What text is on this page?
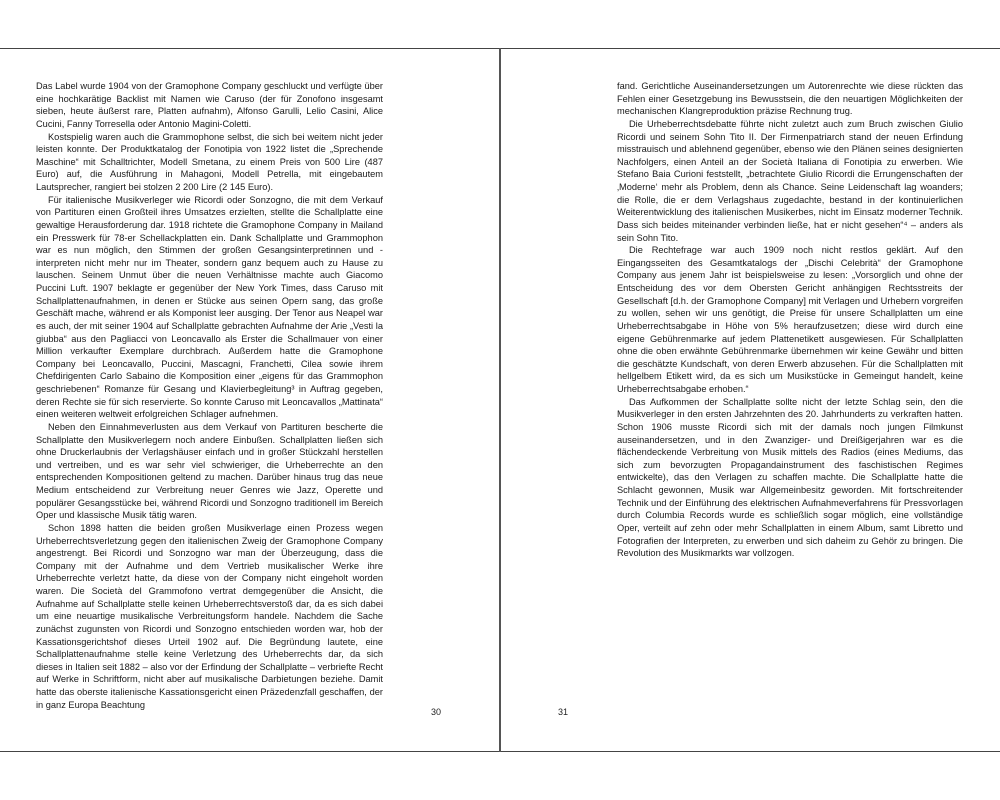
Das Label wurde 1904 von der Gramophone Company geschluckt und verfügte über eine hochkarätige Backlist mit Namen wie Caruso (der für Zonofono insgesamt sieben, heute äußerst rare, Platten aufnahm), Alfonso Garulli, Lelio Casini, Alice Cucini, Fanny Torresella oder Antonio Magini-Coletti.

Kostspielig waren auch die Grammophone selbst, die sich bei weitem nicht jeder leisten konnte. Der Produktkatalog der Fonotipia von 1922 listet die „Sprechende Maschine“ mit Schalltrichter, Modell Smetana, zu einem Preis von 500 Lire (487 Euro) auf, die Ausführung in Mahagoni, Modell Petrella, mit eingebautem Lautsprecher, rangiert bei stolzen 2 200 Lire (2 145 Euro).

Für italienische Musikverleger wie Ricordi oder Sonzogno, die mit dem Verkauf von Partituren einen Großteil ihres Umsatzes erzielten, stellte die Schallplatte eine gewaltige Herausforderung dar. 1918 richtete die Gramophone Company in Mailand ein Presswerk für 78-er Schellackplatten ein. Dank Schallplatte und Grammophon war es nun möglich, den Stimmen der großen Gesangsinterpretinnen und -interpreten nicht mehr nur im Theater, sondern ganz bequem auch zu Hause zu lauschen. Seinem Unmut über die neuen Verhältnisse machte auch Giacomo Puccini Luft. 1907 beklagte er gegenüber der New York Times, dass Caruso mit Schallplattenaufnahmen, in denen er Stücke aus seinen Opern sang, das große Geschäft mache, während er als Komponist leer ausging. Der Tenor aus Neapel war es auch, der mit seiner 1904 auf Schallplatte gebrachten Aufnahme der Arie „Vesti la giubba“ aus den Pagliacci von Leoncavallo als Erster die Schallmauer von einer Million verkaufter Exemplare durchbrach. Außerdem hatte die Gramophone Company bei Leoncavallo, Puccini, Mascagni, Franchetti, Cilea sowie ihrem Chefdirigenten Carlo Sabaino die Komposition einer „eigens für das Grammophon geschriebenen“ Romanze für Gesang und Klavierbegleitung³ in Auftrag gegeben, deren Rechte sie für sich reservierte. So konnte Caruso mit Leoncavallos „Mattinata“ einen weiteren weltweit erfolgreichen Schlager aufnehmen.

Neben den Einnahmeverlusten aus dem Verkauf von Partituren bescherte die Schallplatte den Musikverlegern noch andere Einbußen. Schallplatten ließen sich ohne Druckerlaubnis der Verlagshäuser einfach und in großer Stückzahl herstellen und vertreiben, und es war sehr viel schwieriger, die Urheberrechte an den entsprechenden Kompositionen geltend zu machen. Darüber hinaus trug das neue Medium entscheidend zur Verbreitung neuer Genres wie Jazz, Operette und populärer Gesangsstücke bei, während Ricordi und Sonzogno traditionell im Bereich Oper und klassische Musik tätig waren.

Schon 1898 hatten die beiden großen Musikverlage einen Prozess wegen Urheberrechtsverletzung gegen den italienischen Zweig der Gramophone Company angestrengt. Bei Ricordi und Sonzogno war man der Überzeugung, dass die Company mit der Aufnahme und dem Vertrieb musikalischer Werke ihre Urheberrechte verletzt hatte, da diese von der Company nicht eingeholt worden waren. Die Società del Grammofono vertrat demgegenüber die Ansicht, die Aufnahme auf Schallplatte stelle keinen Urheberrechtsverstoß dar, da es sich dabei um eine neuartige musikalische Verbreitungsform handele. Nachdem die Sache zunächst zugunsten von Ricordi und Sonzogno entschieden worden war, hob der Kassationsgerichtshof dieses Urteil 1902 auf. Die Begründung lautete, eine Schallplattenaufnahme stelle keine Verletzung des Urheberrechts dar, da sich dieses in Italien seit 1882 – also vor der Erfindung der Schallplatte – verbriefte Recht auf Werke in Schriftform, nicht aber auf musikalische Darbietungen beziehe. Damit hatte das oberste italienische Kassationsgericht einen Präzedenzfall geschaffen, der in ganz Europa Beachtung

30

fand. Gerichtliche Auseinandersetzungen um Autorenrechte wie diese rückten das Fehlen einer Gesetzgebung ins Bewusstsein, die den neuartigen Möglichkeiten der mechanischen Klangreproduktion präzise Rechnung trug.

Die Urheberrechtsdebatte führte nicht zuletzt auch zum Bruch zwischen Giulio Ricordi und seinem Sohn Tito II. Der Firmenpatriarch stand der neuen Erfindung misstrauisch und ablehnend gegenüber, ebenso wie den Plänen seines designierten Nachfolgers, einen Anteil an der Società Italiana di Fonotipia zu erwerben. Wie Stefano Baia Curioni feststellt, „betrachtete Giulio Ricordi die Errungenschaften der ‚Moderne‘ mehr als Problem, denn als Chance. Seine Leidenschaft lag woanders; die Rolle, die er dem Verlagshaus zugedachte, bestand in der kontinuierlichen Weiterentwicklung des italienischen Musikerbes, nicht im Einsatz moderner Technik. Dass sich beides miteinander verbinden ließe, hat er nicht gesehen“⁴ – anders als sein Sohn Tito.

Die Rechtefrage war auch 1909 noch nicht restlos geklärt. Auf den Eingangsseiten des Gesamtkatalogs der „Dischi Celebrità“ der Gramophone Company aus jenem Jahr ist beispielsweise zu lesen: „Vorsorglich und ohne der Entscheidung des vor dem Obersten Gericht anhängigen Rechtsstreits der Gesellschaft [d.h. der Gramophone Company] mit Verlagen und Urhebern vorgreifen zu wollen, sehen wir uns genötigt, die Preise für unsere Schallplatten um eine Urheberrechtsabgabe in Höhe von 5% heraufzusetzen; diese wird durch eine eigene Gebührenmarke auf jedem Plattenetikett ausgewiesen. Für Schallplatten ohne die oben erwähnte Gebührenmarke übernehmen wir keine Gewähr und bitten die geschätzte Kundschaft, von deren Erwerb abzusehen. Für die Schallplatten mit hellgelbem Etikett wird, da es sich um Musikstücke in Gemeingut handelt, keine Urheberrechtsabgabe erhoben.“

Das Aufkommen der Schallplatte sollte nicht der letzte Schlag sein, den die Musikverleger in den ersten Jahrzehnten des 20. Jahrhunderts zu verkraften hatten. Schon 1906 musste Ricordi sich mit der damals noch jungen Filmkunst auseinandersetzen, und in den Zwanziger- und Dreißigerjahren war es die flächendeckende Verbreitung von Musik mittels des Radios (eines Mediums, das sich zum bevorzugten Propagandainstrument des faschistischen Regimes entwickelte), das den Verlagen zu schaffen machte. Die Schallplatte hatte die Schlacht gewonnen, Musik war Allgemeinbesitz geworden. Mit fortschreitender Technik und der Einführung des elektrischen Aufnahmeverfahrens für Pressvorlagen durch Columbia Records wurde es schließlich sogar möglich, eine vollständige Oper, verteilt auf zehn oder mehr Schallplatten in einem Album, samt Libretto und Fotografien der Interpreten, zu erwerben und sich daheim zu Gehör zu bringen. Die Revolution des Musikmarkts war vollzogen.

31
